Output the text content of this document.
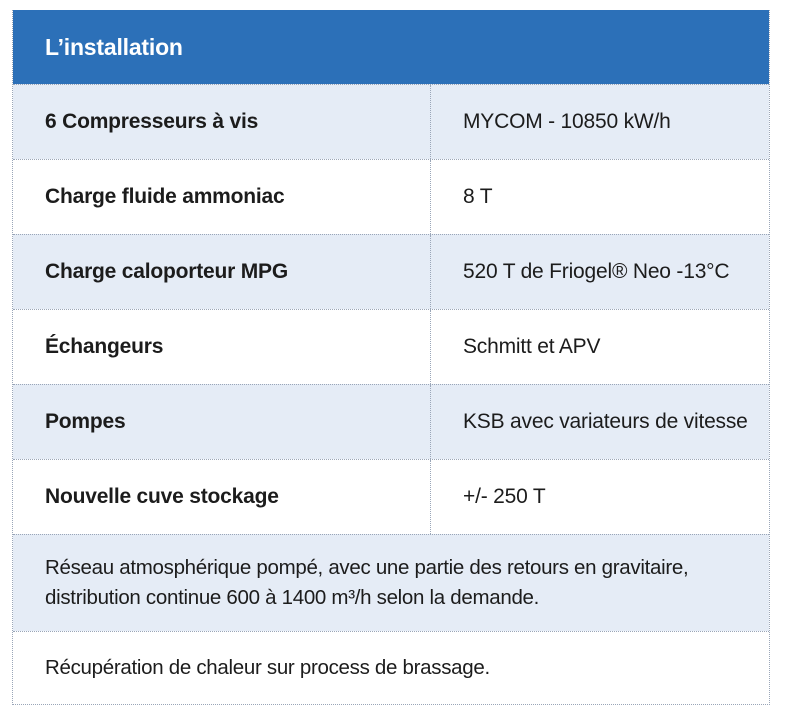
L’installation
6 Compresseurs à vis	MYCOM - 10850 kW/h
Charge fluide ammoniac	8 T
Charge caloporteur MPG	520 T de Friogel® Neo -13°C
Échangeurs	Schmitt et APV
Pompes	KSB avec variateurs de vitesse
Nouvelle cuve stockage	+/- 250 T
Réseau atmosphérique pompé, avec une partie des retours en gravitaire,
distribution continue 600 à 1400 m³/h selon la demande.
Récupération de chaleur sur process de brassage.
